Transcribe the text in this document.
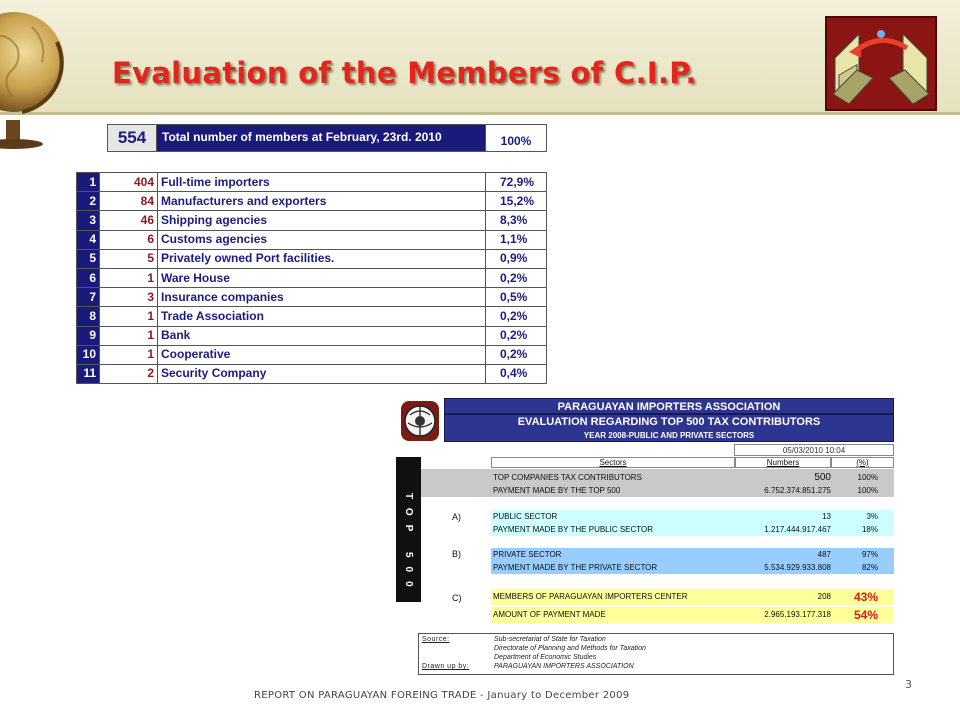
Evaluation of the Members of C.I.P.
554	Total number of members at February, 23rd. 2010	100%
1	404	Full-time importers	72,9%
2	84	Manufacturers and exporters	15,2%
3	46	Shipping agencies	8,3%
4	6	Customs agencies	1,1%
5	5	Privately owned Port facilities.	0,9%
6	1	Ware House	0,2%
7	3	Insurance companies	0,5%
8	1	Trade Association	0,2%
9	1	Bank	0,2%
10	1	Cooperative	0,2%
11	2	Security Company	0,4%
PARAGUAYAN IMPORTERS ASSOCIATION
EVALUATION REGARDING TOP 500 TAX CONTRIBUTORS
YEAR 2008-PUBLIC AND PRIVATE SECTORS
05/03/2010 10:04
TOP 500
Sectors	Numbers	(%)
TOP COMPANIES TAX CONTRIBUTORS	500	100%
PAYMENT MADE BY THE TOP 500	6.752.374.851.275	100%
A)	PUBLIC SECTOR	13	3%
PAYMENT MADE BY THE PUBLIC SECTOR	1.217.444.917.467	18%
B)	PRIVATE SECTOR	487	97%
PAYMENT MADE BY THE PRIVATE SECTOR	5.534.929.933.808	82%
C)	MEMBERS OF PARAGUAYAN IMPORTERS CENTER	208 43%
AMOUNT OF PAYMENT MADE	2.965.193.177.318 54%
Source:	Sub-secretariat of State for Taxation
Directorate of Planning and Methods for Taxation
Department of Economic Studies
Drawn up by:	PARAGUAYAN IMPORTERS ASSOCIATION
REPORT ON PARAGUAYAN FOREING TRADE - January to December 2009
3
